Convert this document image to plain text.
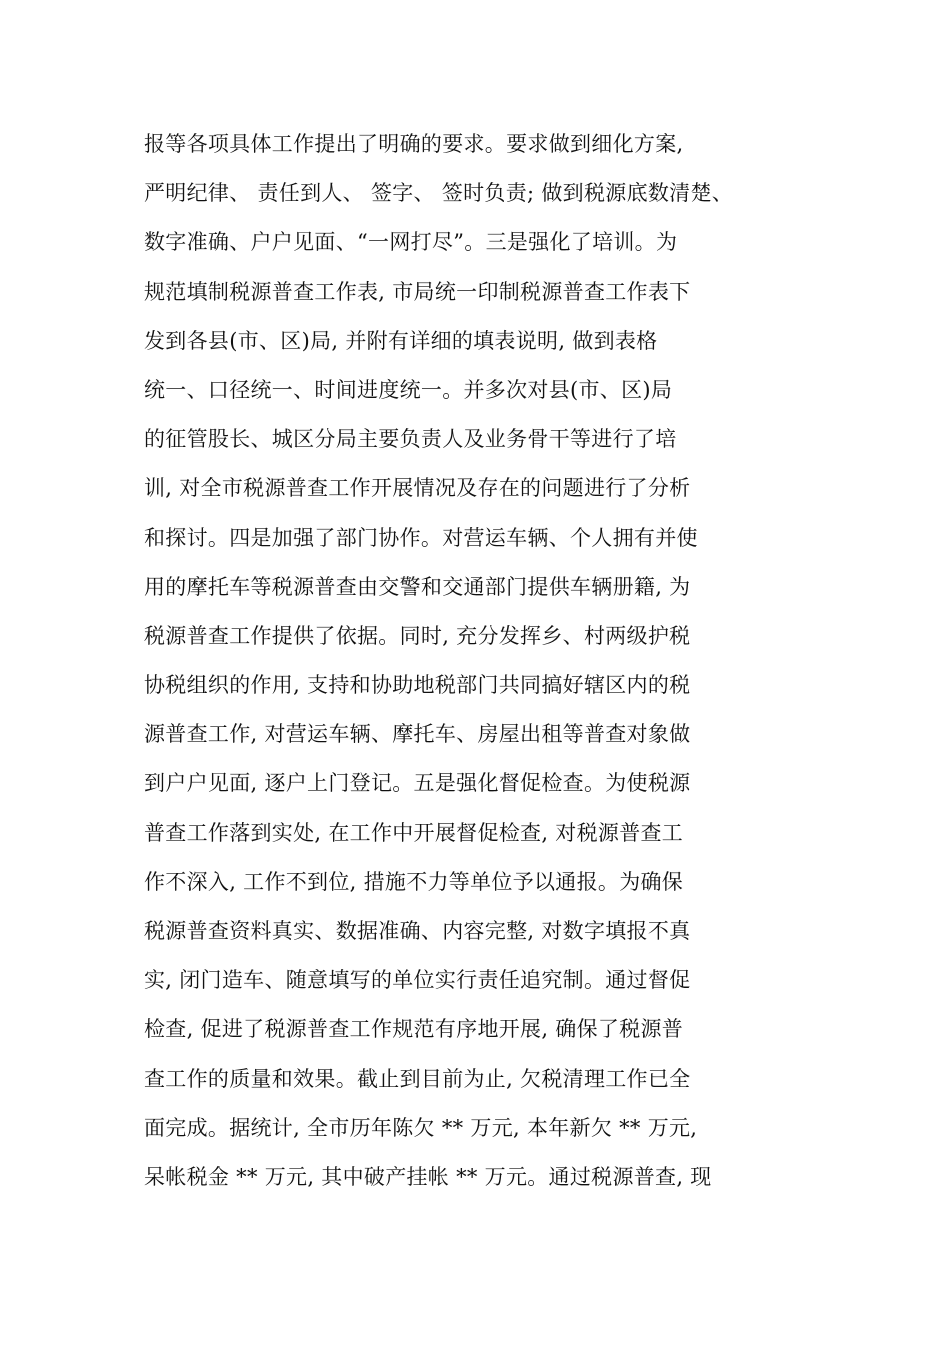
报等各项具体工作提出了明确的要求。要求做到细化方案,
严明纪律、 责任到人、 签字、 签时负责; 做到税源底数清楚、
数字准确、户户见面、“一网打尽”。三是强化了培训。为
规范填制税源普查工作表, 市局统一印制税源普查工作表下
发到各县(市、区)局, 并附有详细的填表说明, 做到表格
统一、口径统一、时间进度统一。并多次对县(市、区)局
的征管股长、城区分局主要负责人及业务骨干等进行了培
训, 对全市税源普查工作开展情况及存在的问题进行了分析
和探讨。四是加强了部门协作。对营运车辆、个人拥有并使
用的摩托车等税源普查由交警和交通部门提供车辆册籍, 为
税源普查工作提供了依据。同时, 充分发挥乡、村两级护税
协税组织的作用, 支持和协助地税部门共同搞好辖区内的税
源普查工作, 对营运车辆、摩托车、房屋出租等普查对象做
到户户见面, 逐户上门登记。五是强化督促检查。为使税源
普查工作落到实处, 在工作中开展督促检查, 对税源普查工
作不深入, 工作不到位, 措施不力等单位予以通报。为确保
税源普查资料真实、数据准确、内容完整, 对数字填报不真
实, 闭门造车、随意填写的单位实行责任追究制。通过督促
检查, 促进了税源普查工作规范有序地开展, 确保了税源普
查工作的质量和效果。截止到目前为止, 欠税清理工作已全
面完成。据统计, 全市历年陈欠 ** 万元, 本年新欠 ** 万元,
呆帐税金 ** 万元, 其中破产挂帐 ** 万元。通过税源普查, 现
